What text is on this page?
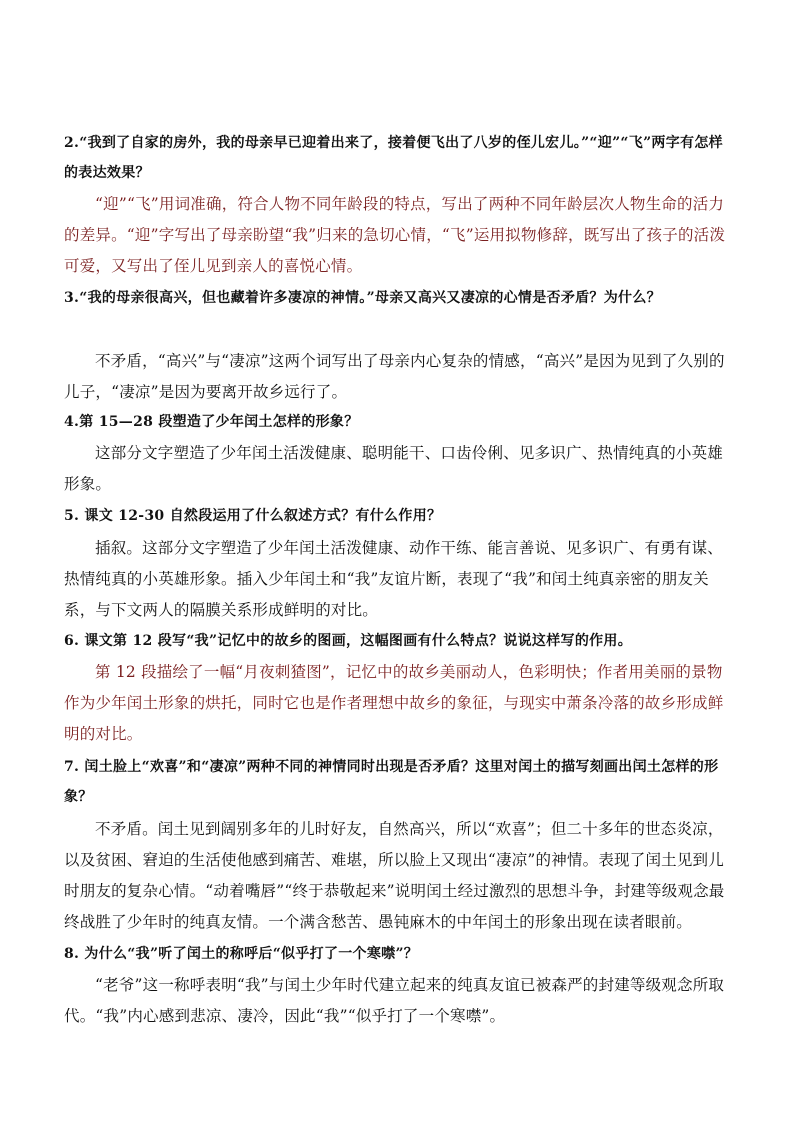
2.“我到了自家的房外，我的母亲早已迎着出来了，接着便飞出了八岁的侄儿宏儿。”“迎”“飞”两字有怎样的表达效果？

“迎”“飞”用词准确，符合人物不同年龄段的特点，写出了两种不同年龄层次人物生命的活力的差异。“迎”字写出了母亲盼望“我”归来的急切心情，“飞”运用拟物修辞，既写出了孩子的活泼可爱，又写出了侄儿见到亲人的喜悦心情。

3.“我的母亲很高兴，但也藏着许多凄凉的神情。”母亲又高兴又凄凉的心情是否矛盾？为什么？

不矛盾，“高兴”与“凄凉”这两个词写出了母亲内心复杂的情感，“高兴”是因为见到了久别的儿子，“凄凉”是因为要离开故乡远行了。

4.第 15—28 段塑造了少年闰土怎样的形象？

这部分文字塑造了少年闰土活泼健康、聪明能干、口齿伶俐、见多识广、热情纯真的小英雄形象。

5. 课文 12-30 自然段运用了什么叙述方式？有什么作用？

插叙。这部分文字塑造了少年闰土活泼健康、动作干练、能言善说、见多识广、有勇有谋、热情纯真的小英雄形象。插入少年闰土和“我”友谊片断，表现了“我”和闰土纯真亲密的朋友关系，与下文两人的隔膜关系形成鲜明的对比。

6. 课文第 12 段写“我”记忆中的故乡的图画，这幅图画有什么特点？说说这样写的作用。

第 12 段描绘了一幅“月夜刺猹图”，记忆中的故乡美丽动人，色彩明快；作者用美丽的景物作为少年闰土形象的烘托，同时它也是作者理想中故乡的象征，与现实中萧条冷落的故乡形成鲜明的对比。

7. 闰土脸上“欢喜”和“凄凉”两种不同的神情同时出现是否矛盾？这里对闰土的描写刻画出闰土怎样的形象？

不矛盾。闰土见到阔别多年的儿时好友，自然高兴，所以“欢喜”；但二十多年的世态炎凉，以及贫困、窘迫的生活使他感到痛苦、难堪，所以脸上又现出“凄凉”的神情。表现了闰土见到儿时朋友的复杂心情。“动着嘴唇”“终于恭敬起来”说明闰土经过激烈的思想斗争，封建等级观念最终战胜了少年时的纯真友情。一个满含愁苦、愚钝麻木的中年闰土的形象出现在读者眼前。

8. 为什么“我”听了闰土的称呼后“似乎打了一个寒噤”？

“老爷”这一称呼表明“我”与闰土少年时代建立起来的纯真友谊已被森严的封建等级观念所取代。“我”内心感到悲凉、凄冷，因此“我”“似乎打了一个寒噤”。
